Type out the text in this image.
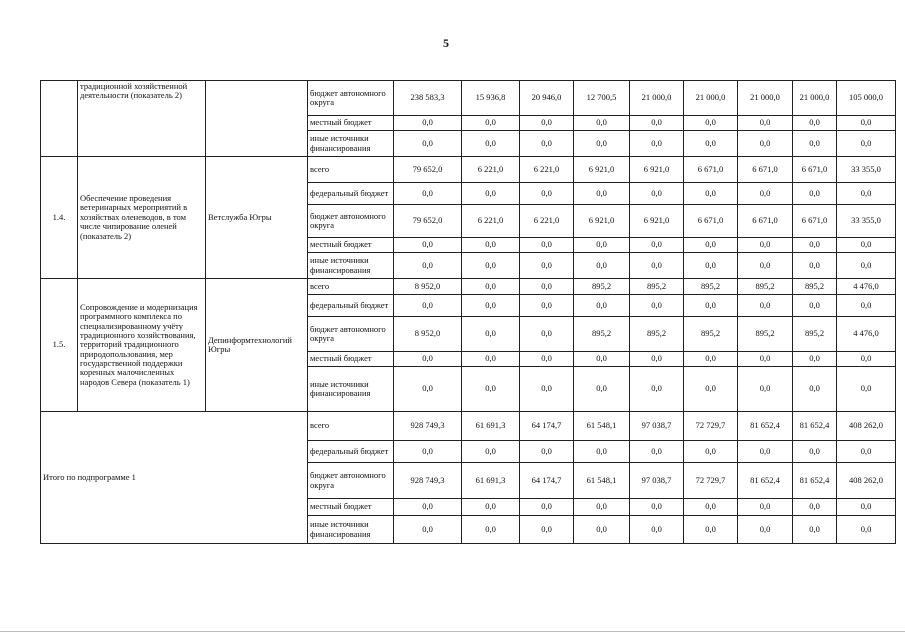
5
	традиционной хозяйственной деятельности (показатель 2)		бюджет автономного округа	238 583,3	15 936,8	20 946,0	12 700,5	21 000,0	21 000,0	21 000,0	21 000,0	105 000,0
			местный бюджет	0,0	0,0	0,0	0,0	0,0	0,0	0,0	0,0	0,0
			иные источники финансирования	0,0	0,0	0,0	0,0	0,0	0,0	0,0	0,0	0,0
1.4.	Обеспечение проведения ветеринарных мероприятий в хозяйствах оленеводов, в том числе чипирование оленей (показатель 2)	Ветслужба Югры	всего	79 652,0	6 221,0	6 221,0	6 921,0	6 921,0	6 671,0	6 671,0	6 671,0	33 355,0
			федеральный бюджет	0,0	0,0	0,0	0,0	0,0	0,0	0,0	0,0	0,0
			бюджет автономного округа	79 652,0	6 221,0	6 221,0	6 921,0	6 921,0	6 671,0	6 671,0	6 671,0	33 355,0
			местный бюджет	0,0	0,0	0,0	0,0	0,0	0,0	0,0	0,0	0,0
			иные источники финансирования	0,0	0,0	0,0	0,0	0,0	0,0	0,0	0,0	0,0
1.5.	Сопровождение и модернизация программного комплекса по специализированному учёту традиционного хозяйствования, территорий традиционного природопользования, мер государственной поддержки коренных малочисленных народов Севера (показатель 1)	Депинформтехнологий Югры	всего	8 952,0	0,0	0,0	895,2	895,2	895,2	895,2	895,2	4 476,0
			федеральный бюджет	0,0	0,0	0,0	0,0	0,0	0,0	0,0	0,0	0,0
			бюджет автономного округа	8 952,0	0,0	0,0	895,2	895,2	895,2	895,2	895,2	4 476,0
			местный бюджет	0,0	0,0	0,0	0,0	0,0	0,0	0,0	0,0	0,0
			иные источники финансирования	0,0	0,0	0,0	0,0	0,0	0,0	0,0	0,0	0,0
Итого по подпрограмме 1			всего	928 749,3	61 691,3	64 174,7	61 548,1	97 038,7	72 729,7	81 652,4	81 652,4	408 262,0
			федеральный бюджет	0,0	0,0	0,0	0,0	0,0	0,0	0,0	0,0	0,0
			бюджет автономного округа	928 749,3	61 691,3	64 174,7	61 548,1	97 038,7	72 729,7	81 652,4	81 652,4	408 262,0
			местный бюджет	0,0	0,0	0,0	0,0	0,0	0,0	0,0	0,0	0,0
			иные источники финансирования	0,0	0,0	0,0	0,0	0,0	0,0	0,0	0,0	0,0
